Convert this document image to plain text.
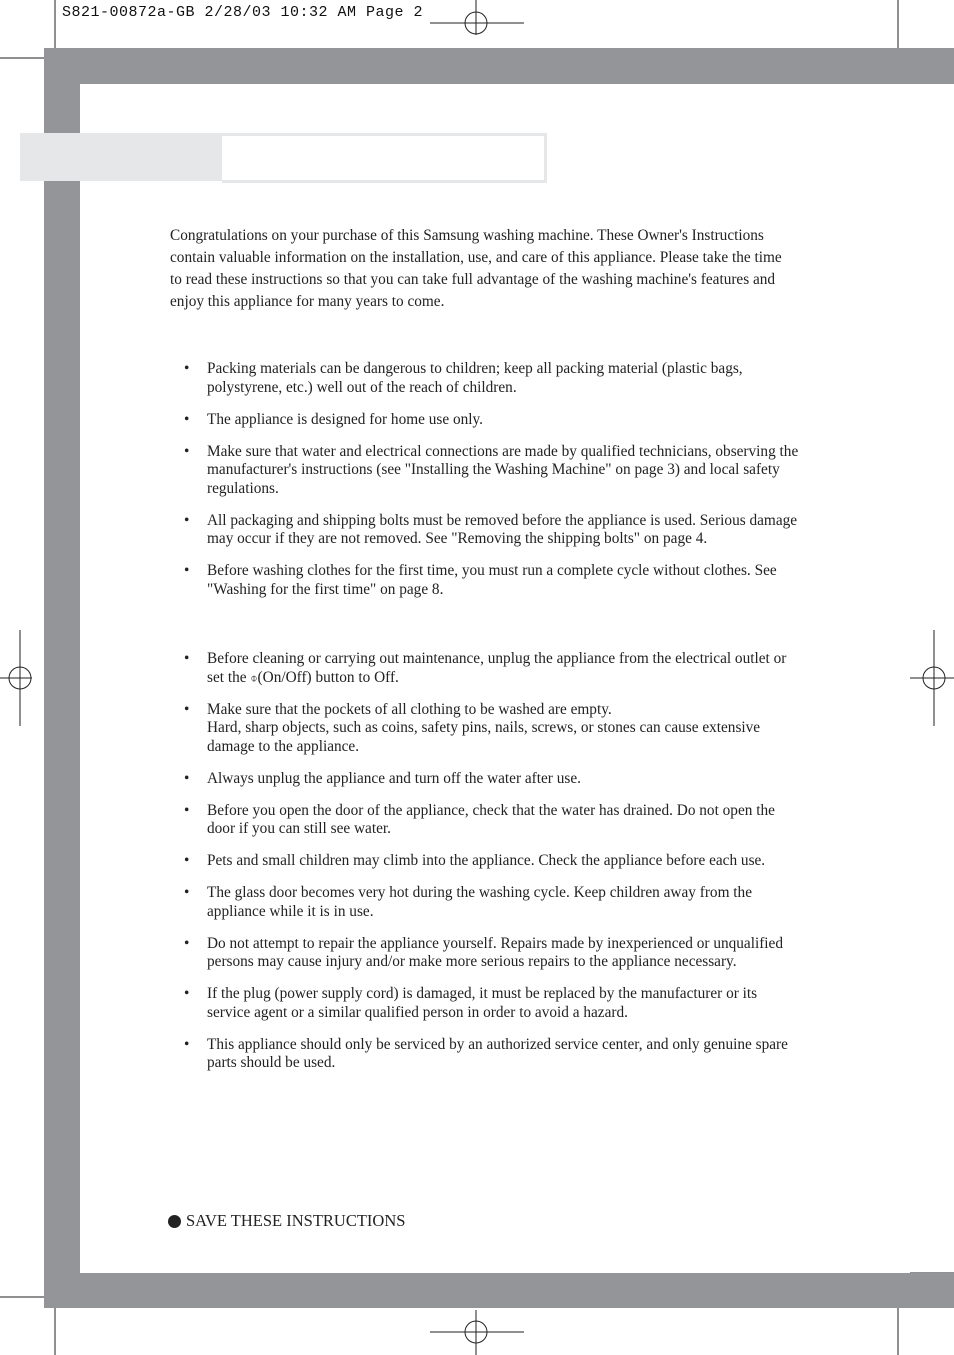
S821-00872a-GB 2/28/03 10:32 AM Page 2

Congratulations on your purchase of this Samsung washing machine. These Owner's Instructions contain valuable information on the installation, use, and care of this appliance. Please take the time to read these instructions so that you can take full advantage of the washing machine's features and enjoy this appliance for many years to come.

• Packing materials can be dangerous to children; keep all packing material (plastic bags, polystyrene, etc.) well out of the reach of children.
• The appliance is designed for home use only.
• Make sure that water and electrical connections are made by qualified technicians, observing the manufacturer's instructions (see "Installing the Washing Machine" on page 3) and local safety regulations.
• All packaging and shipping bolts must be removed before the appliance is used. Serious damage may occur if they are not removed. See "Removing the shipping bolts" on page 4.
• Before washing clothes for the first time, you must run a complete cycle without clothes. See "Washing for the first time" on page 8.
• Before cleaning or carrying out maintenance, unplug the appliance from the electrical outlet or set the ⌽(On/Off) button to Off.
• Make sure that the pockets of all clothing to be washed are empty.
Hard, sharp objects, such as coins, safety pins, nails, screws, or stones can cause extensive damage to the appliance.
• Always unplug the appliance and turn off the water after use.
• Before you open the door of the appliance, check that the water has drained. Do not open the door if you can still see water.
• Pets and small children may climb into the appliance. Check the appliance before each use.
• The glass door becomes very hot during the washing cycle. Keep children away from the appliance while it is in use.
• Do not attempt to repair the appliance yourself. Repairs made by inexperienced or unqualified persons may cause injury and/or make more serious repairs to the appliance necessary.
• If the plug (power supply cord) is damaged, it must be replaced by the manufacturer or its service agent or a similar qualified person in order to avoid a hazard.
• This appliance should only be serviced by an authorized service center, and only genuine spare parts should be used.
SAVE THESE INSTRUCTIONS
